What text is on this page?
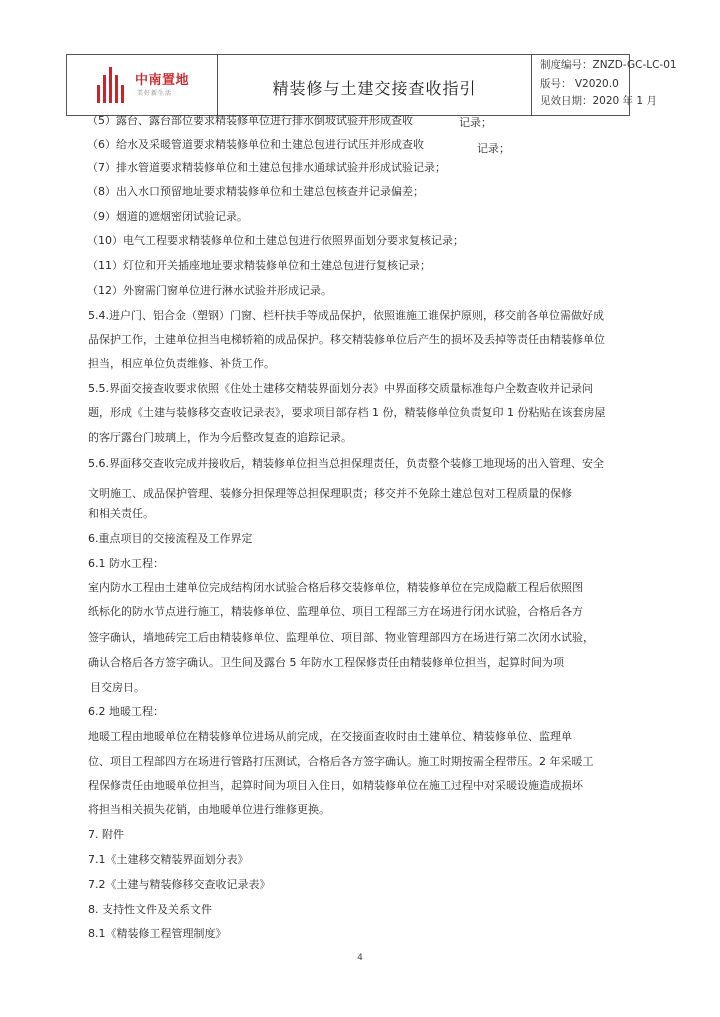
中南置地
美好新生活	精装修与土建交接查收指引
制度编号：ZNZD-GC-LC-01
版号： V2020.0
见效日期：2020 年 1 月
（5）露台、露台部位要求精装修单位进行排水倒坡试验并形成查收	记录；
（6）给水及采暖管道要求精装修单位和土建总包进行试压并形成查收	记录；
（7）排水管道要求精装修单位和土建总包排水通球试验并形成试验记录；
（8）出入水口预留地址要求精装修单位和土建总包核查并记录偏差；
（9）烟道的遮烟密闭试验记录。
（10）电气工程要求精装修单位和土建总包进行依照界面划分要求复核记录；
（11）灯位和开关插座地址要求精装修单位和土建总包进行复核记录；
（12）外窗需门窗单位进行淋水试验并形成记录。
5.4.进户门、铝合金（塑钢）门窗、栏杆扶手等成品保护，依照谁施工谁保护原则，移交前各单位需做好成
品保护工作，土建单位担当电梯轿箱的成品保护。移交精装修单位后产生的损坏及丢掉等责任由精装修单位
担当，相应单位负责维修、补货工作。
5.5.界面交接查收要求依照《住处土建移交精装界面划分表》中界面移交质量标准每户全数查收并记录问
题，形成《土建与装修移交查收记录表》，要求项目部存档 1 份，精装修单位负责复印 1 份粘贴在该套房屋
的客厅露台门玻璃上，作为今后整改复查的追踪记录。
5.6.界面移交查收完成并接收后，精装修单位担当总担保理责任，负责整个装修工地现场的出入管理、安全
文明施工、成品保护管理、装修分担保理等总担保理职责；移交并不免除土建总包对工程质量的保修
和相关责任。
6.重点项目的交接流程及工作界定
6.1 防水工程：
室内防水工程由土建单位完成结构闭水试验合格后移交装修单位，精装修单位在完成隐蔽工程后依照图
纸标化的防水节点进行施工，精装修单位、监理单位、项目工程部三方在场进行闭水试验，合格后各方
签字确认，墙地砖完工后由精装修单位、监理单位、项目部、物业管理部四方在场进行第二次闭水试验，
确认合格后各方签字确认。卫生间及露台 5 年防水工程保修责任由精装修单位担当，起算时间为项
目交房日。
6.2 地暖工程：
地暖工程由地暖单位在精装修单位进场从前完成，在交接面查收时由土建单位、精装修单位、监理单
位、项目工程部四方在场进行管路打压测试，合格后各方签字确认。施工时期按需全程带压。2 年采暖工
程保修责任由地暖单位担当，起算时间为项目入住日，如精装修单位在施工过程中对采暖设施造成损坏
将担当相关损失花销，由地暖单位进行维修更换。
7. 附件
7.1《土建移交精装界面划分表》
7.2《土建与精装修移交查收记录表》
8. 支持性文件及关系文件
8.1《精装修工程管理制度》
4
